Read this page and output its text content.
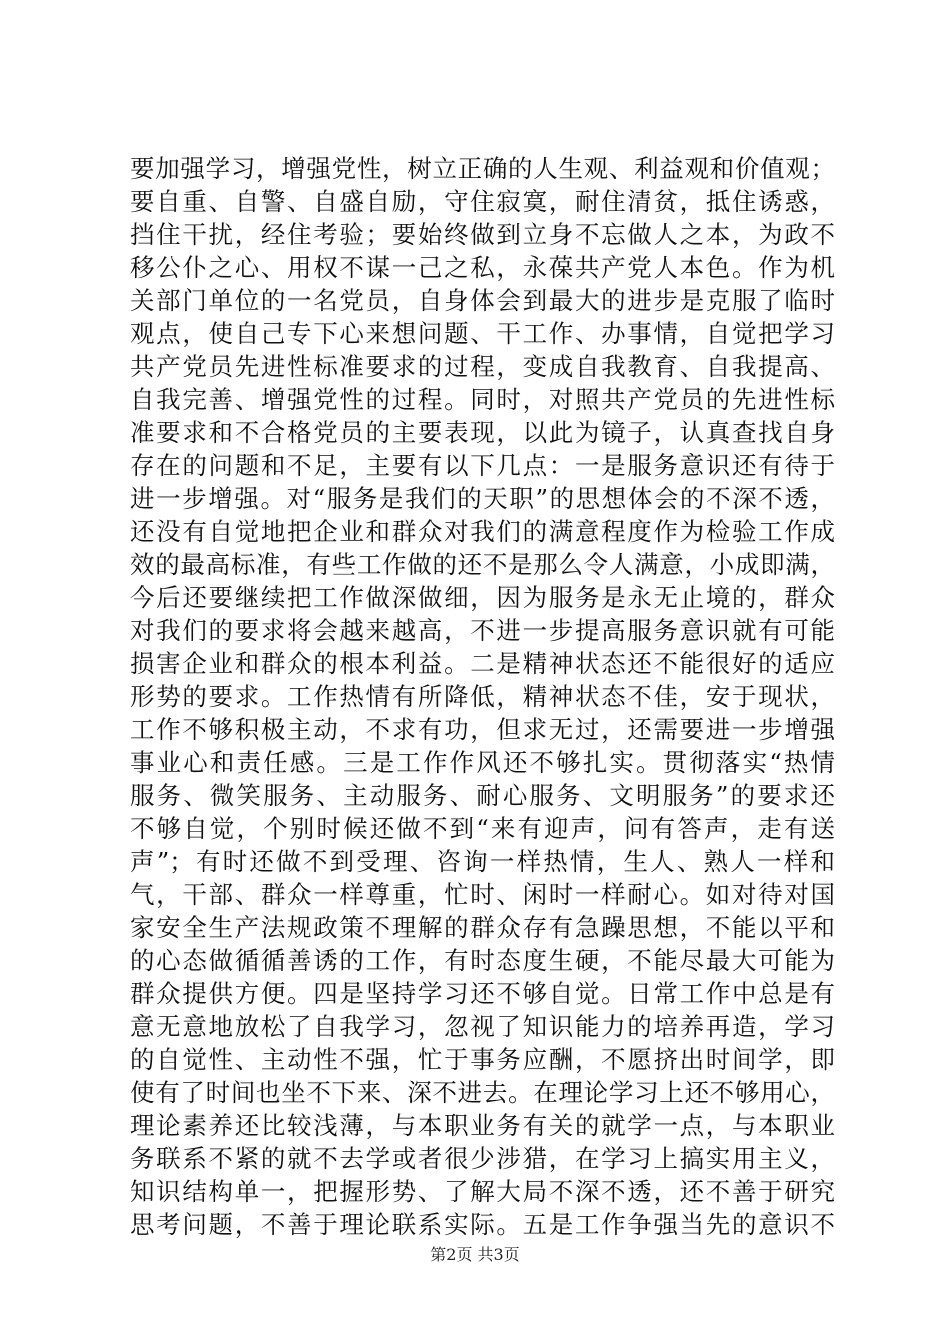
要加强学习，增强党性，树立正确的人生观、利益观和价值观；
要自重、自警、自盛自励，守住寂寞，耐住清贫，抵住诱惑，
挡住干扰，经住考验；要始终做到立身不忘做人之本，为政不
移公仆之心、用权不谋一己之私，永葆共产党人本色。作为机
关部门单位的一名党员，自身体会到最大的进步是克服了临时
观点，使自己专下心来想问题、干工作、办事情，自觉把学习
共产党员先进性标准要求的过程，变成自我教育、自我提高、
自我完善、增强党性的过程。同时，对照共产党员的先进性标
准要求和不合格党员的主要表现，以此为镜子，认真查找自身
存在的问题和不足，主要有以下几点：一是服务意识还有待于
进一步增强。对“服务是我们的天职”的思想体会的不深不透，
还没有自觉地把企业和群众对我们的满意程度作为检验工作成
效的最高标准，有些工作做的还不是那么令人满意，小成即满，
今后还要继续把工作做深做细，因为服务是永无止境的，群众
对我们的要求将会越来越高，不进一步提高服务意识就有可能
损害企业和群众的根本利益。二是精神状态还不能很好的适应
形势的要求。工作热情有所降低，精神状态不佳，安于现状，
工作不够积极主动，不求有功，但求无过，还需要进一步增强
事业心和责任感。三是工作作风还不够扎实。贯彻落实“热情
服务、微笑服务、主动服务、耐心服务、文明服务”的要求还
不够自觉，个别时候还做不到“来有迎声，问有答声，走有送
声”；有时还做不到受理、咨询一样热情，生人、熟人一样和
气，干部、群众一样尊重，忙时、闲时一样耐心。如对待对国
家安全生产法规政策不理解的群众存有急躁思想，不能以平和
的心态做循循善诱的工作，有时态度生硬，不能尽最大可能为
群众提供方便。四是坚持学习还不够自觉。日常工作中总是有
意无意地放松了自我学习，忽视了知识能力的培养再造，学习
的自觉性、主动性不强，忙于事务应酬，不愿挤出时间学，即
使有了时间也坐不下来、深不进去。在理论学习上还不够用心，
理论素养还比较浅薄，与本职业务有关的就学一点，与本职业
务联系不紧的就不去学或者很少涉猎，在学习上搞实用主义，
知识结构单一，把握形势、了解大局不深不透，还不善于研究
思考问题，不善于理论联系实际。五是工作争强当先的意识不
第2页 共3页
